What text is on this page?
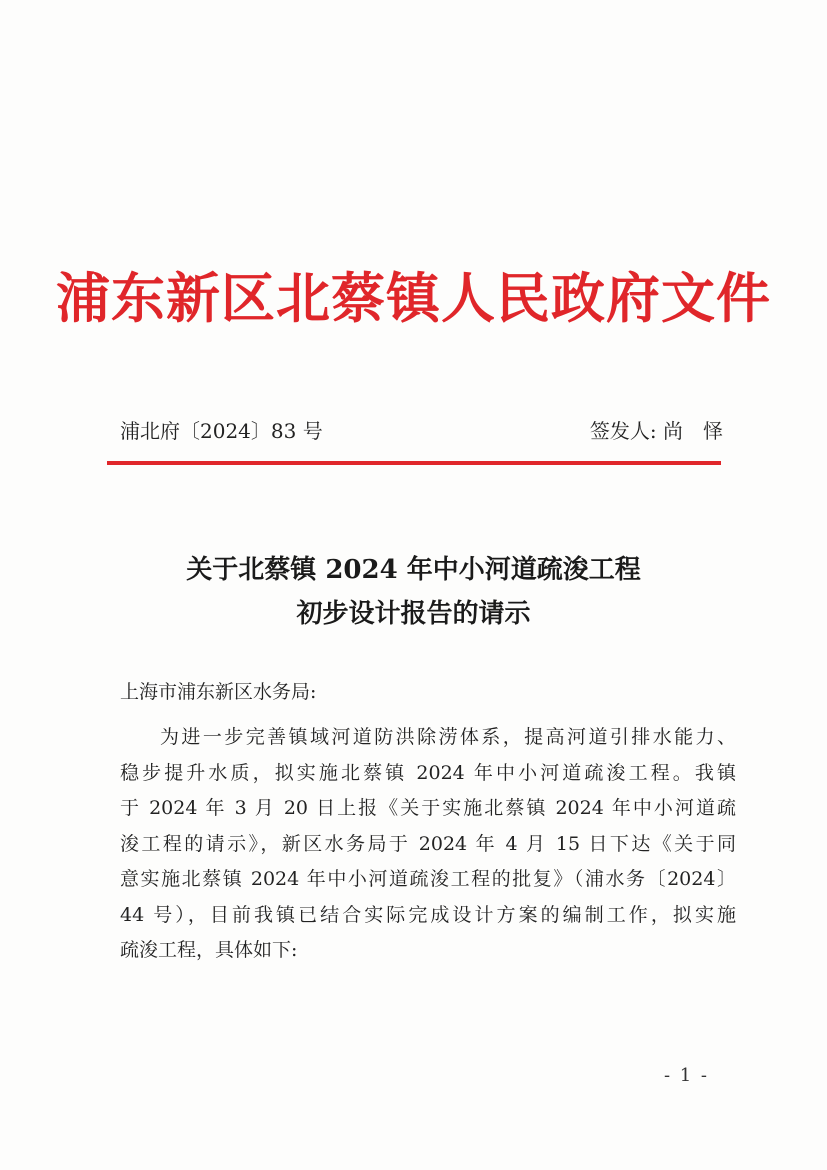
浦东新区北蔡镇人民政府文件
浦北府〔2024〕83 号	签发人: 尚　怿
关于北蔡镇 2024 年中小河道疏浚工程
初步设计报告的请示
上海市浦东新区水务局:
为进一步完善镇域河道防洪除涝体系，提高河道引排水能力、
稳步提升水质，拟实施北蔡镇 2024 年中小河道疏浚工程。我镇
于 2024 年 3 月 20 日上报《关于实施北蔡镇 2024 年中小河道疏
浚工程的请示》，新区水务局于 2024 年 4 月 15 日下达《关于同
意实施北蔡镇 2024 年中小河道疏浚工程的批复》（浦水务〔2024〕
44 号），目前我镇已结合实际完成设计方案的编制工作，拟实施
疏浚工程，具体如下:
- 1 -
